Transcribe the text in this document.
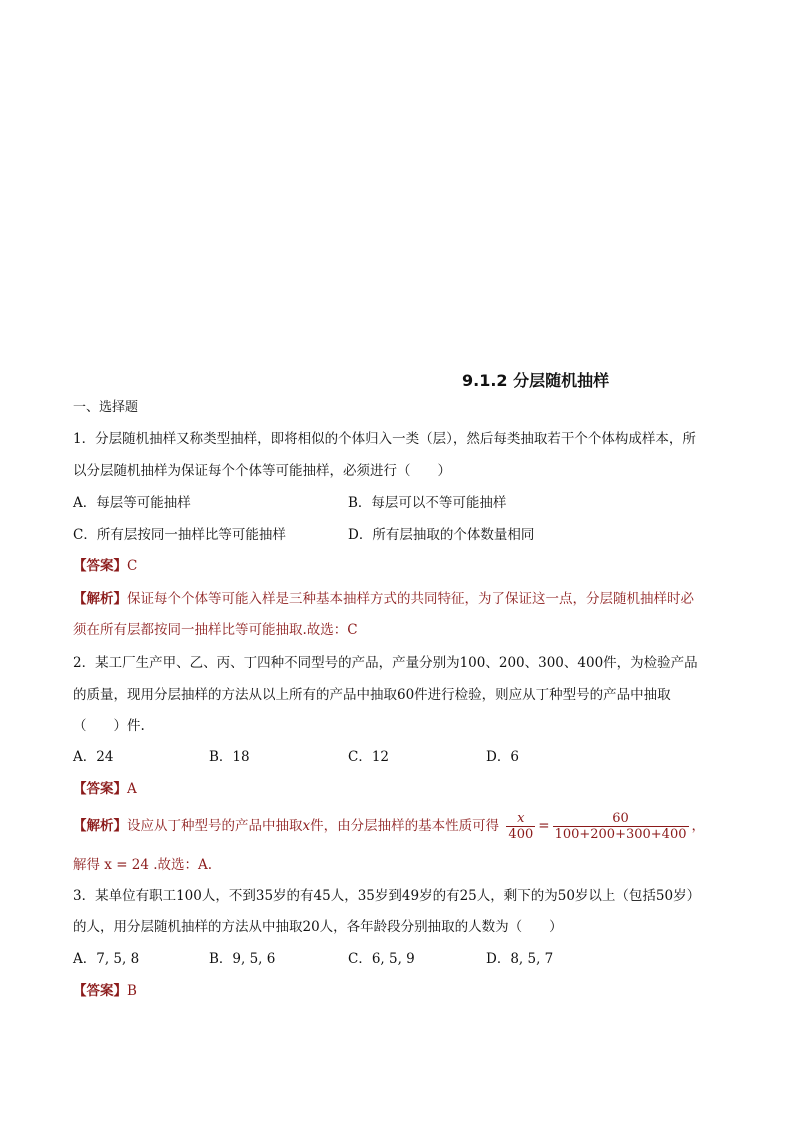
9.1.2 分层随机抽样
一、选择题
1．分层随机抽样又称类型抽样，即将相似的个体归入一类（层），然后每类抽取若干个个体构成样本，所
以分层随机抽样为保证每个个体等可能抽样，必须进行（　　）
A．每层等可能抽样	B．每层可以不等可能抽样
C．所有层按同一抽样比等可能抽样	D．所有层抽取的个体数量相同
【答案】C
【解析】保证每个个体等可能入样是三种基本抽样方式的共同特征，为了保证这一点，分层随机抽样时必
须在所有层都按同一抽样比等可能抽取.故选：C
2．某工厂生产甲、乙、丙、丁四种不同型号的产品，产量分别为100、200、300、400件，为检验产品
的质量，现用分层抽样的方法从以上所有的产品中抽取60件进行检验，则应从丁种型号的产品中抽取
（　　）件.
A．24	B．18	C．12	D．6
【答案】A
【解析】设应从丁种型号的产品中抽取x件，由分层抽样的基本性质可得 $\frac{x}{400} = \frac{60}{100+200+300+400}$ ，
解得 x = 24 .故选：A.
3．某单位有职工100人，不到35岁的有45人，35岁到49岁的有25人，剩下的为50岁以上（包括50岁）
的人，用分层随机抽样的方法从中抽取20人，各年龄段分别抽取的人数为（　　）
A．7, 5, 8	B．9, 5, 6	C．6, 5, 9	D．8, 5, 7
【答案】B
